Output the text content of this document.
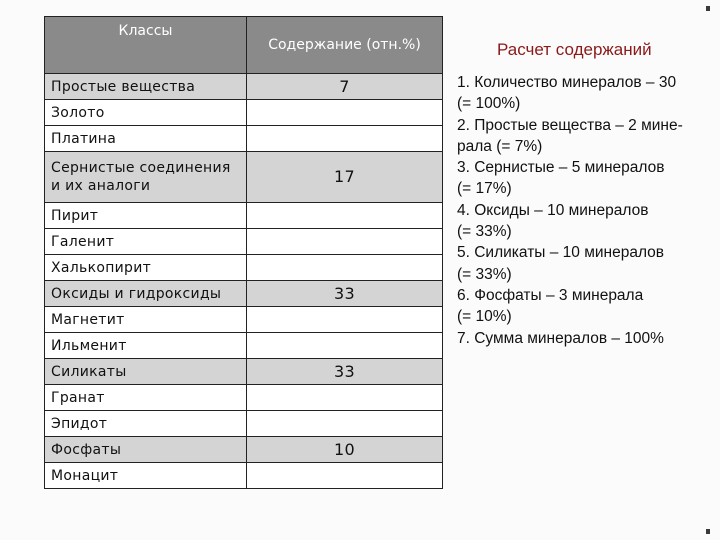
Классы	Содержание (отн.%)
Простые вещества	7
Золото	
Платина	
Сернистые соединения и их аналоги	17
Пирит	
Галенит	
Халькопирит	
Оксиды и гидроксиды	33
Магнетит	
Ильменит	
Силикаты	33
Гранат	
Эпидот	
Фосфаты	10
Монацит	
Расчет содержаний
1. Количество минералов – 30
(= 100%)
2. Простые вещества – 2 мине-
рала (= 7%)
3. Сернистые – 5 минералов
(= 17%)
4. Оксиды – 10 минералов
(= 33%)
5. Силикаты – 10 минералов
(= 33%)
6. Фосфаты – 3 минерала
(= 10%)
7. Сумма минералов – 100%
